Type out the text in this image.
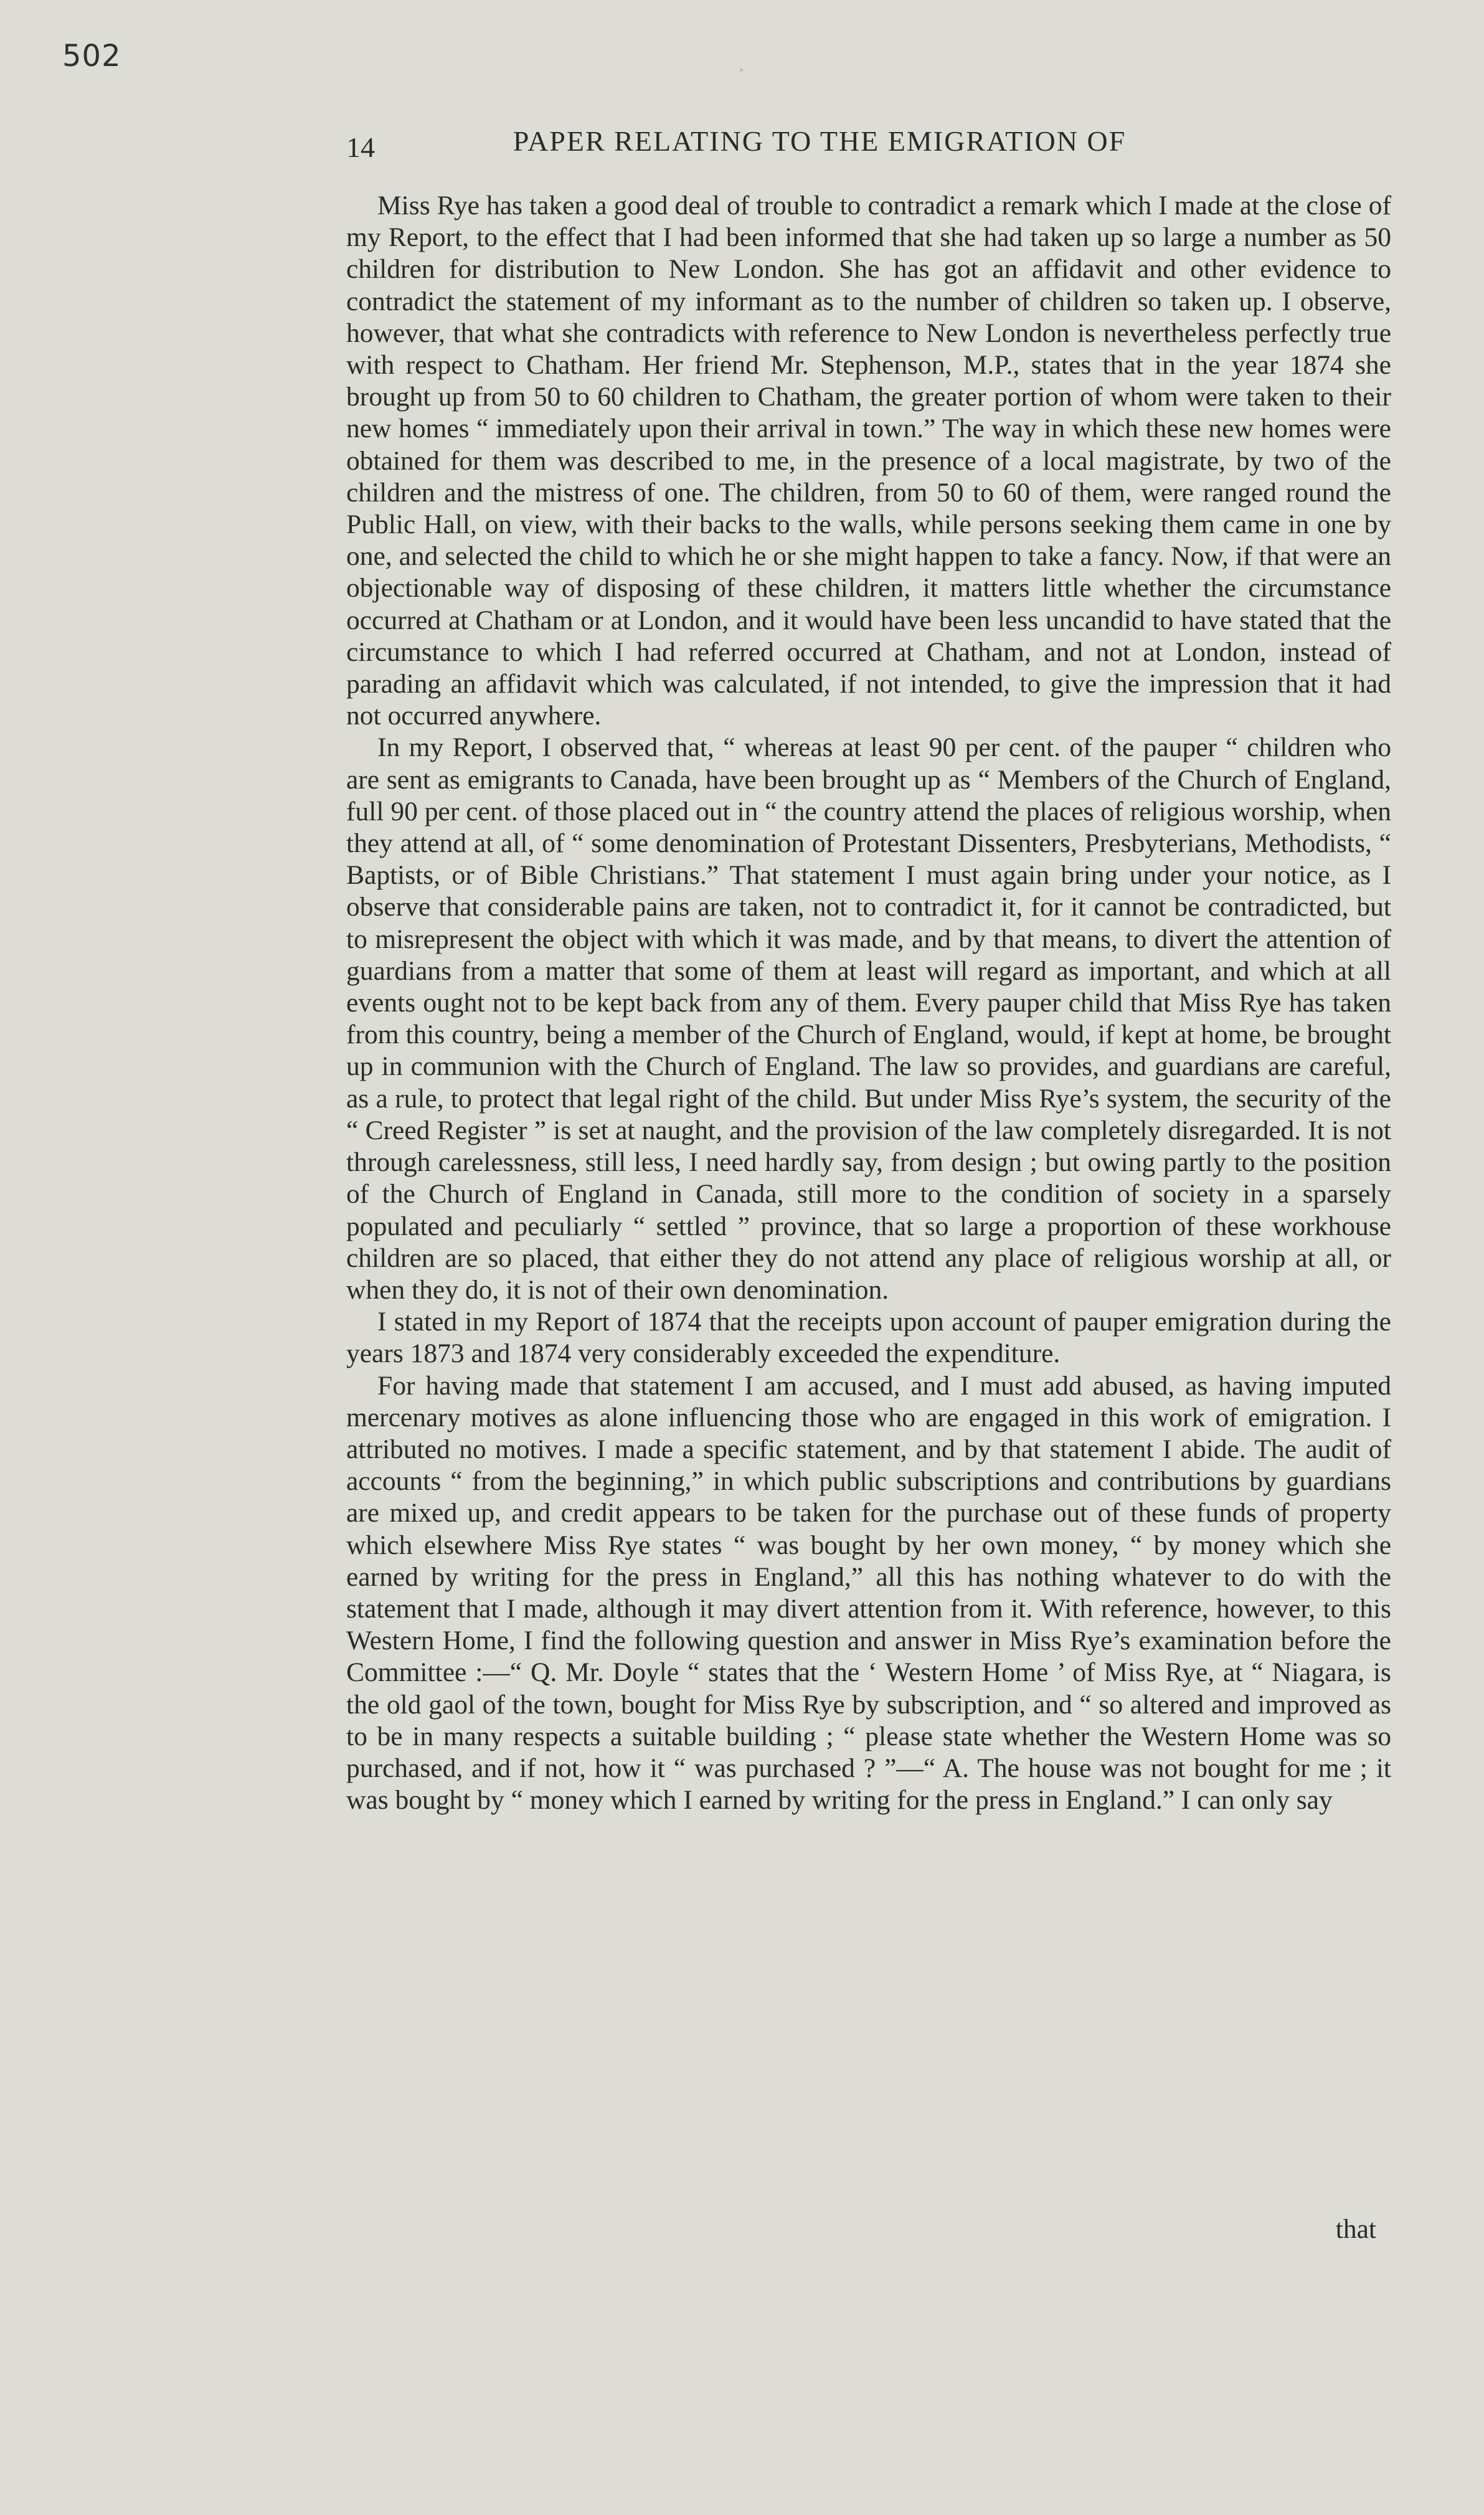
502
14	PAPER RELATING TO THE EMIGRATION OF

Miss Rye has taken a good deal of trouble to contradict a remark which I made at the close of my Report, to the effect that I had been informed that she had taken up so large a number as 50 children for distribution to New London. She has got an affidavit and other evidence to contradict the statement of my informant as to the number of children so taken up. I observe, however, that what she contradicts with reference to New London is nevertheless perfectly true with respect to Chatham. Her friend Mr. Stephenson, M.P., states that in the year 1874 she brought up from 50 to 60 children to Chatham, the greater portion of whom were taken to their new homes “ immediately upon their arrival in town.” The way in which these new homes were obtained for them was described to me, in the presence of a local magistrate, by two of the children and the mistress of one. The children, from 50 to 60 of them, were ranged round the Public Hall, on view, with their backs to the walls, while persons seeking them came in one by one, and selected the child to which he or she might happen to take a fancy. Now, if that were an objectionable way of disposing of these children, it matters little whether the circumstance occurred at Chatham or at London, and it would have been less uncandid to have stated that the circumstance to which I had referred occurred at Chatham, and not at London, instead of parading an affidavit which was calculated, if not intended, to give the impression that it had not occurred anywhere.

In my Report, I observed that, “ whereas at least 90 per cent. of the pauper “ children who are sent as emigrants to Canada, have been brought up as “ Members of the Church of England, full 90 per cent. of those placed out in “ the country attend the places of religious worship, when they attend at all, of “ some denomination of Protestant Dissenters, Presbyterians, Methodists, “ Baptists, or of Bible Christians.” That statement I must again bring under your notice, as I observe that considerable pains are taken, not to contradict it, for it cannot be contradicted, but to misrepresent the object with which it was made, and by that means, to divert the attention of guardians from a matter that some of them at least will regard as important, and which at all events ought not to be kept back from any of them. Every pauper child that Miss Rye has taken from this country, being a member of the Church of England, would, if kept at home, be brought up in communion with the Church of England. The law so provides, and guardians are careful, as a rule, to protect that legal right of the child. But under Miss Rye’s system, the security of the “ Creed Register ” is set at naught, and the provision of the law completely disregarded. It is not through carelessness, still less, I need hardly say, from design ; but owing partly to the position of the Church of England in Canada, still more to the condition of society in a sparsely populated and peculiarly “ settled ” province, that so large a proportion of these workhouse children are so placed, that either they do not attend any place of religious worship at all, or when they do, it is not of their own denomination.

I stated in my Report of 1874 that the receipts upon account of pauper emigration during the years 1873 and 1874 very considerably exceeded the expenditure.

For having made that statement I am accused, and I must add abused, as having imputed mercenary motives as alone influencing those who are engaged in this work of emigration. I attributed no motives. I made a specific statement, and by that statement I abide. The audit of accounts “ from the beginning,” in which public subscriptions and contributions by guardians are mixed up, and credit appears to be taken for the purchase out of these funds of property which elsewhere Miss Rye states “ was bought by her own money, “ by money which she earned by writing for the press in England,” all this has nothing whatever to do with the statement that I made, although it may divert attention from it. With reference, however, to this Western Home, I find the following question and answer in Miss Rye’s examination before the Committee :—“ Q. Mr. Doyle “ states that the ‘ Western Home ’ of Miss Rye, at “ Niagara, is the old gaol of the town, bought for Miss Rye by subscription, and “ so altered and improved as to be in many respects a suitable building ; “ please state whether the Western Home was so purchased, and if not, how it “ was purchased ? ”—“ A. The house was not bought for me ; it was bought by “ money which I earned by writing for the press in England.” I can only say

that
